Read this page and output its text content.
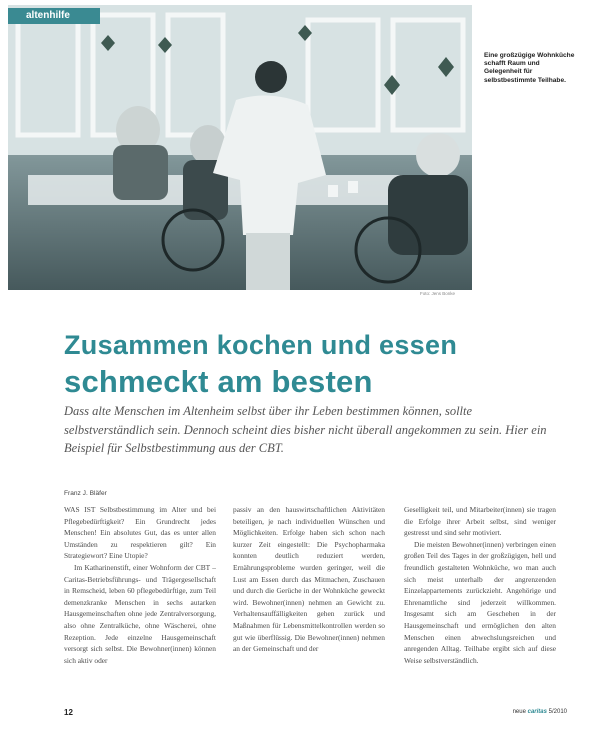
altenhilfe
Eine großzügige Wohnküche schafft Raum und Gelegenheit für selbstbestimmte Teilhabe.
Foto: Jens Bonke
Zusammen kochen und essen
schmeckt am besten
Dass alte Menschen im Altenheim selbst über ihr Leben bestimmen können, sollte selbstverständlich sein. Dennoch scheint dies bisher nicht überall angekommen zu sein. Hier ein Beispiel für Selbstbestimmung aus der CBT.
Franz J. Bläfer

WAS IST Selbstbestimmung im Alter und bei Pflegebedürftigkeit? Ein Grundrecht jedes Menschen! Ein absolutes Gut, das es unter allen Umständen zu respektieren gilt? Ein Strategiewort? Eine Utopie?

Im Katharinenstift, einer Wohnform der CBT – Caritas-Betriebsführungs- und Trägergesellschaft in Remscheid, leben 60 pflegebedürftige, zum Teil demenzkranke Menschen in sechs autarken Hausgemeinschaften ohne jede Zentralversorgung, also ohne Zentralküche, ohne Wäscherei, ohne Rezeption. Jede einzelne Hausgemeinschaft versorgt sich selbst. Die Bewohner(innen) können sich aktiv oder

passiv an den hauswirtschaftlichen Aktivitäten beteiligen, je nach individuellen Wünschen und Möglichkeiten. Erfolge haben sich schon nach kurzer Zeit eingestellt: Die Psychopharmaka konnten deutlich reduziert werden, Ernährungsprobleme wurden geringer, weil die Lust am Essen durch das Mitmachen, Zuschauen und durch die Gerüche in der Wohnküche geweckt wird. Bewohner(innen) nehmen an Gewicht zu. Verhaltensauffälligkeiten gehen zurück und Maßnahmen für Lebensmittelkontrollen werden so gut wie überflüssig. Die Bewohner(innen) nehmen an der Gemeinschaft und der

Geselligkeit teil, und Mitarbeiter(innen) sie tragen die Erfolge ihrer Arbeit selbst, sind weniger gestresst und sind sehr motiviert.

Die meisten Bewohner(innen) verbringen einen großen Teil des Tages in der großzügigen, hell und freundlich gestalteten Wohnküche, wo man auch sich meist unterhalb der angrenzenden Einzelappartements zurückzieht. Angehörige und Ehrenamtliche sind jederzeit willkommen. Insgesamt sich am Geschehen in der Hausgemeinschaft und ermöglichen den alten Menschen einen abwechslungsreichen und anregenden Alltag. Teilhabe ergibt sich auf diese Weise selbstverständlich.

12	neue caritas 5/2010
